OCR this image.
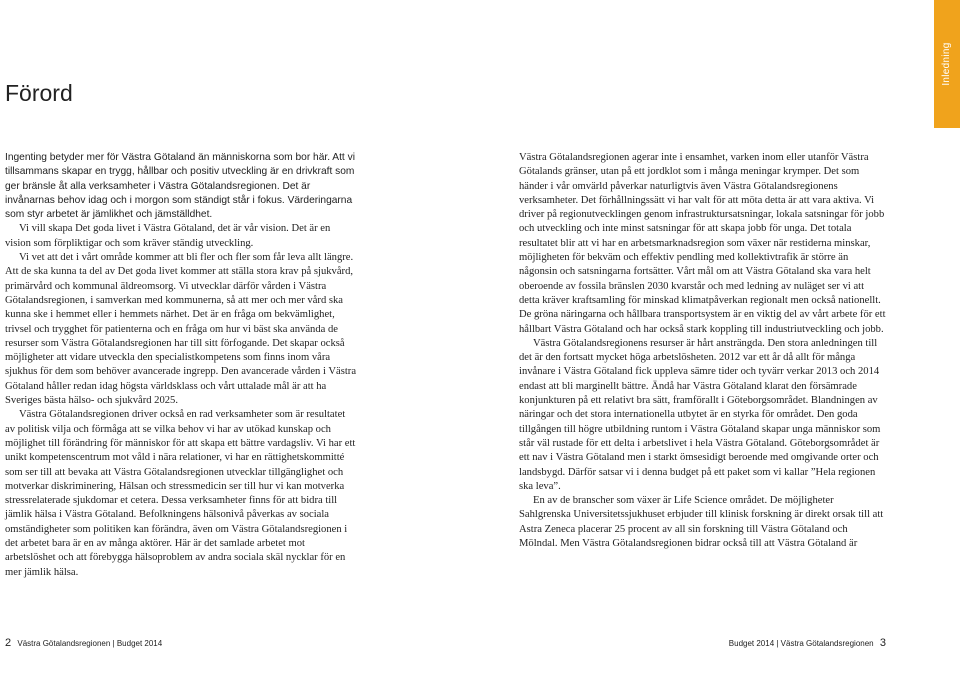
Inledning
Förord

Ingenting betyder mer för Västra Götaland än människorna som bor här. Att vi tillsammans skapar en trygg, hållbar och positiv utveckling är en drivkraft som ger bränsle åt alla verksamheter i Västra Götalandsregionen. Det är invånarnas behov idag och i morgon som ständigt står i fokus. Värderingarna som styr arbetet är jämlikhet och jämställdhet.

Vi vill skapa Det goda livet i Västra Götaland, det är vår vision. Det är en vision som förpliktigar och som kräver ständig utveckling.

Vi vet att det i vårt område kommer att bli fler och fler som får leva allt längre. Att de ska kunna ta del av Det goda livet kommer att ställa stora krav på sjukvård, primärvård och kommunal äldreomsorg. Vi utvecklar därför vården i Västra Götalandsregionen, i samverkan med kommunerna, så att mer och mer vård ska kunna ske i hemmet eller i hemmets närhet. Det är en fråga om bekvämlighet, trivsel och trygghet för patienterna och en fråga om hur vi bäst ska använda de resurser som Västra Götalandsregionen har till sitt förfogande. Det skapar också möjligheter att vidare utveckla den specialistkompetens som finns inom våra sjukhus för dem som behöver avancerade ingrepp. Den avancerade vården i Västra Götaland håller redan idag högsta världsklass och vårt uttalade mål är att ha Sveriges bästa hälso- och sjukvård 2025.

Västra Götalandsregionen driver också en rad verksamheter som är resultatet av politisk vilja och förmåga att se vilka behov vi har av utökad kunskap och möjlighet till förändring för människor för att skapa ett bättre vardagsliv. Vi har ett unikt kompetenscentrum mot våld i nära relationer, vi har en rättighetskommitté som ser till att bevaka att Västra Götalandsregionen utvecklar tillgänglighet och motverkar diskriminering, Hälsan och stressmedicin ser till hur vi kan motverka stressrelaterade sjukdomar et cetera. Dessa verksamheter finns för att bidra till jämlik hälsa i Västra Götaland. Befolkningens hälsonivå påverkas av sociala omständigheter som politiken kan förändra, även om Västra Götalandsregionen i det arbetet bara är en av många aktörer. Här är det samlade arbetet mot arbetslöshet och att förebygga hälsoproblem av andra sociala skäl nycklar för en mer jämlik hälsa.

Västra Götalandsregionen agerar inte i ensamhet, varken inom eller utanför Västra Götalands gränser, utan på ett jordklot som i många meningar krymper. Det som händer i vår omvärld påverkar naturligtvis även Västra Götalandsregionens verksamheter. Det förhållningssätt vi har valt för att möta detta är att vara aktiva. Vi driver på regionutvecklingen genom infrastruktursatsningar, lokala satsningar för jobb och utveckling och inte minst satsningar för att skapa jobb för unga. Det totala resultatet blir att vi har en arbetsmarknadsregion som växer när restiderna minskar, möjligheten för bekväm och effektiv pendling med kollektivtrafik är större än någonsin och satsningarna fortsätter. Vårt mål om att Västra Götaland ska vara helt oberoende av fossila bränslen 2030 kvarstår och med ledning av nuläget ser vi att detta kräver kraftsamling för minskad klimatpåverkan regionalt men också nationellt. De gröna näringarna och hållbara transportsystem är en viktig del av vårt arbete för ett hållbart Västra Götaland och har också stark koppling till industriutveckling och jobb.

Västra Götalandsregionens resurser är hårt ansträngda. Den stora anledningen till det är den fortsatt mycket höga arbetslösheten. 2012 var ett år då allt för många invånare i Västra Götaland fick uppleva sämre tider och tyvärr verkar 2013 och 2014 endast att bli marginellt bättre. Ändå har Västra Götaland klarat den försämrade konjunkturen på ett relativt bra sätt, framförallt i Göteborgsområdet. Blandningen av näringar och det stora internationella utbytet är en styrka för området. Den goda tillgången till högre utbildning runtom i Västra Götaland skapar unga människor som står väl rustade för ett delta i arbetslivet i hela Västra Götaland. Göteborgsområdet är ett nav i Västra Götaland men i starkt ömsesidigt beroende med omgivande orter och landsbygd. Därför satsar vi i denna budget på ett paket som vi kallar ”Hela regionen ska leva”.

En av de branscher som växer är Life Science området. De möjligheter Sahlgrenska Universitetssjukhuset erbjuder till klinisk forskning är direkt orsak till att Astra Zeneca placerar 25 procent av all sin forskning till Västra Götaland och Mölndal. Men Västra Götalandsregionen bidrar också till att Västra Götaland är

2 Västra Götalandsregionen | Budget 2014	Budget 2014 | Västra Götalandsregionen 3
